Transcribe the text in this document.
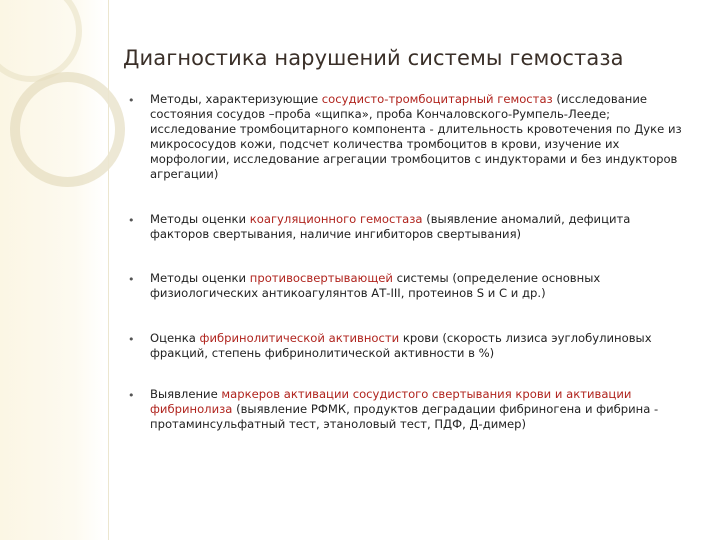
Диагностика нарушений системы гемостаза
• Методы, характеризующие сосудисто-тромбоцитарный гемостаз (исследование состояния сосудов –проба «щипка», проба Кончаловского-Румпель-Лееде; исследование тромбоцитарного компонента - длительность кровотечения по Дуке из микрососудов кожи, подсчет количества тромбоцитов в крови, изучение их морфологии, исследование агрегации тромбоцитов с индукторами и без индукторов агрегации)
• Методы оценки коагуляционного гемостаза (выявление аномалий, дефицита факторов свертывания, наличие ингибиторов свертывания)
• Методы оценки противосвертывающей системы (определение основных физиологических антикоагулянтов АТ-III, протеинов S и С и др.)
• Оценка фибринолитической активности крови (скорость лизиса эуглобулиновых фракций, степень фибринолитической активности в %)
• Выявление маркеров активации сосудистого свертывания крови и активации фибринолиза (выявление РФМК, продуктов деградации фибриногена и фибрина - протаминсульфатный тест, этаноловый тест, ПДФ, Д-димер)
